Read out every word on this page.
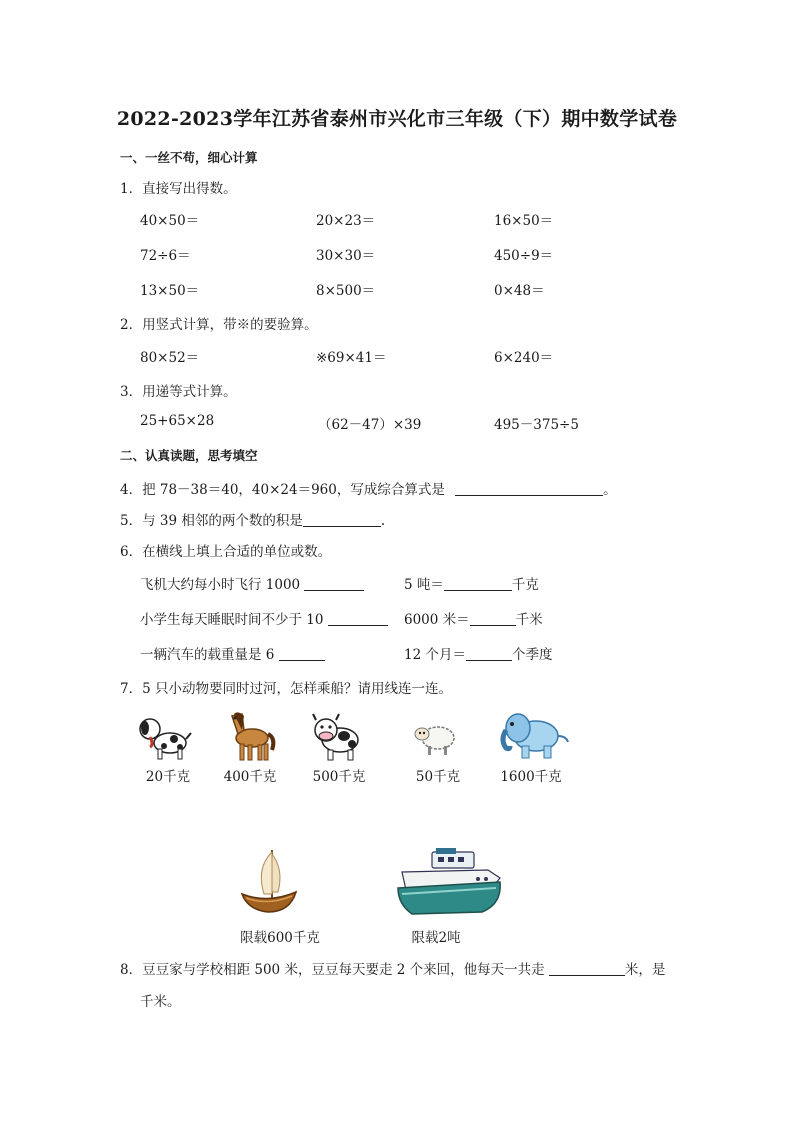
2022-2023学年江苏省泰州市兴化市三年级（下）期中数学试卷
一、一丝不苟，细心计算
1．直接写出得数。
40×50＝	20×23＝	16×50＝
72÷6＝	30×30＝	450÷9＝
13×50＝	8×500＝	0×48＝
2．用竖式计算，带※的要验算。
80×52＝	※69×41＝	6×240＝
3．用递等式计算。
25+65×28	（62－47）×39	495－375÷5
二、认真读题，思考填空
4．把 78－38＝40，40×24＝960，写成综合算式是	。
5．与 39 相邻的两个数的积是	.
6．在横线上填上合适的单位或数。
飞机大约每小时飞行 1000	5 吨＝	千克
小学生每天睡眠时间不少于 10	6000 米＝	千米
一辆汽车的载重量是 6	12 个月＝	个季度
7．5 只小动物要同时过河，怎样乘船？请用线连一连。
20千克	400千克	500千克	50千克	1600千克
限载600千克	限载2吨
8．豆豆家与学校相距 500 米，豆豆每天要走 2 个来回，他每天一共走	米，是
千米。
